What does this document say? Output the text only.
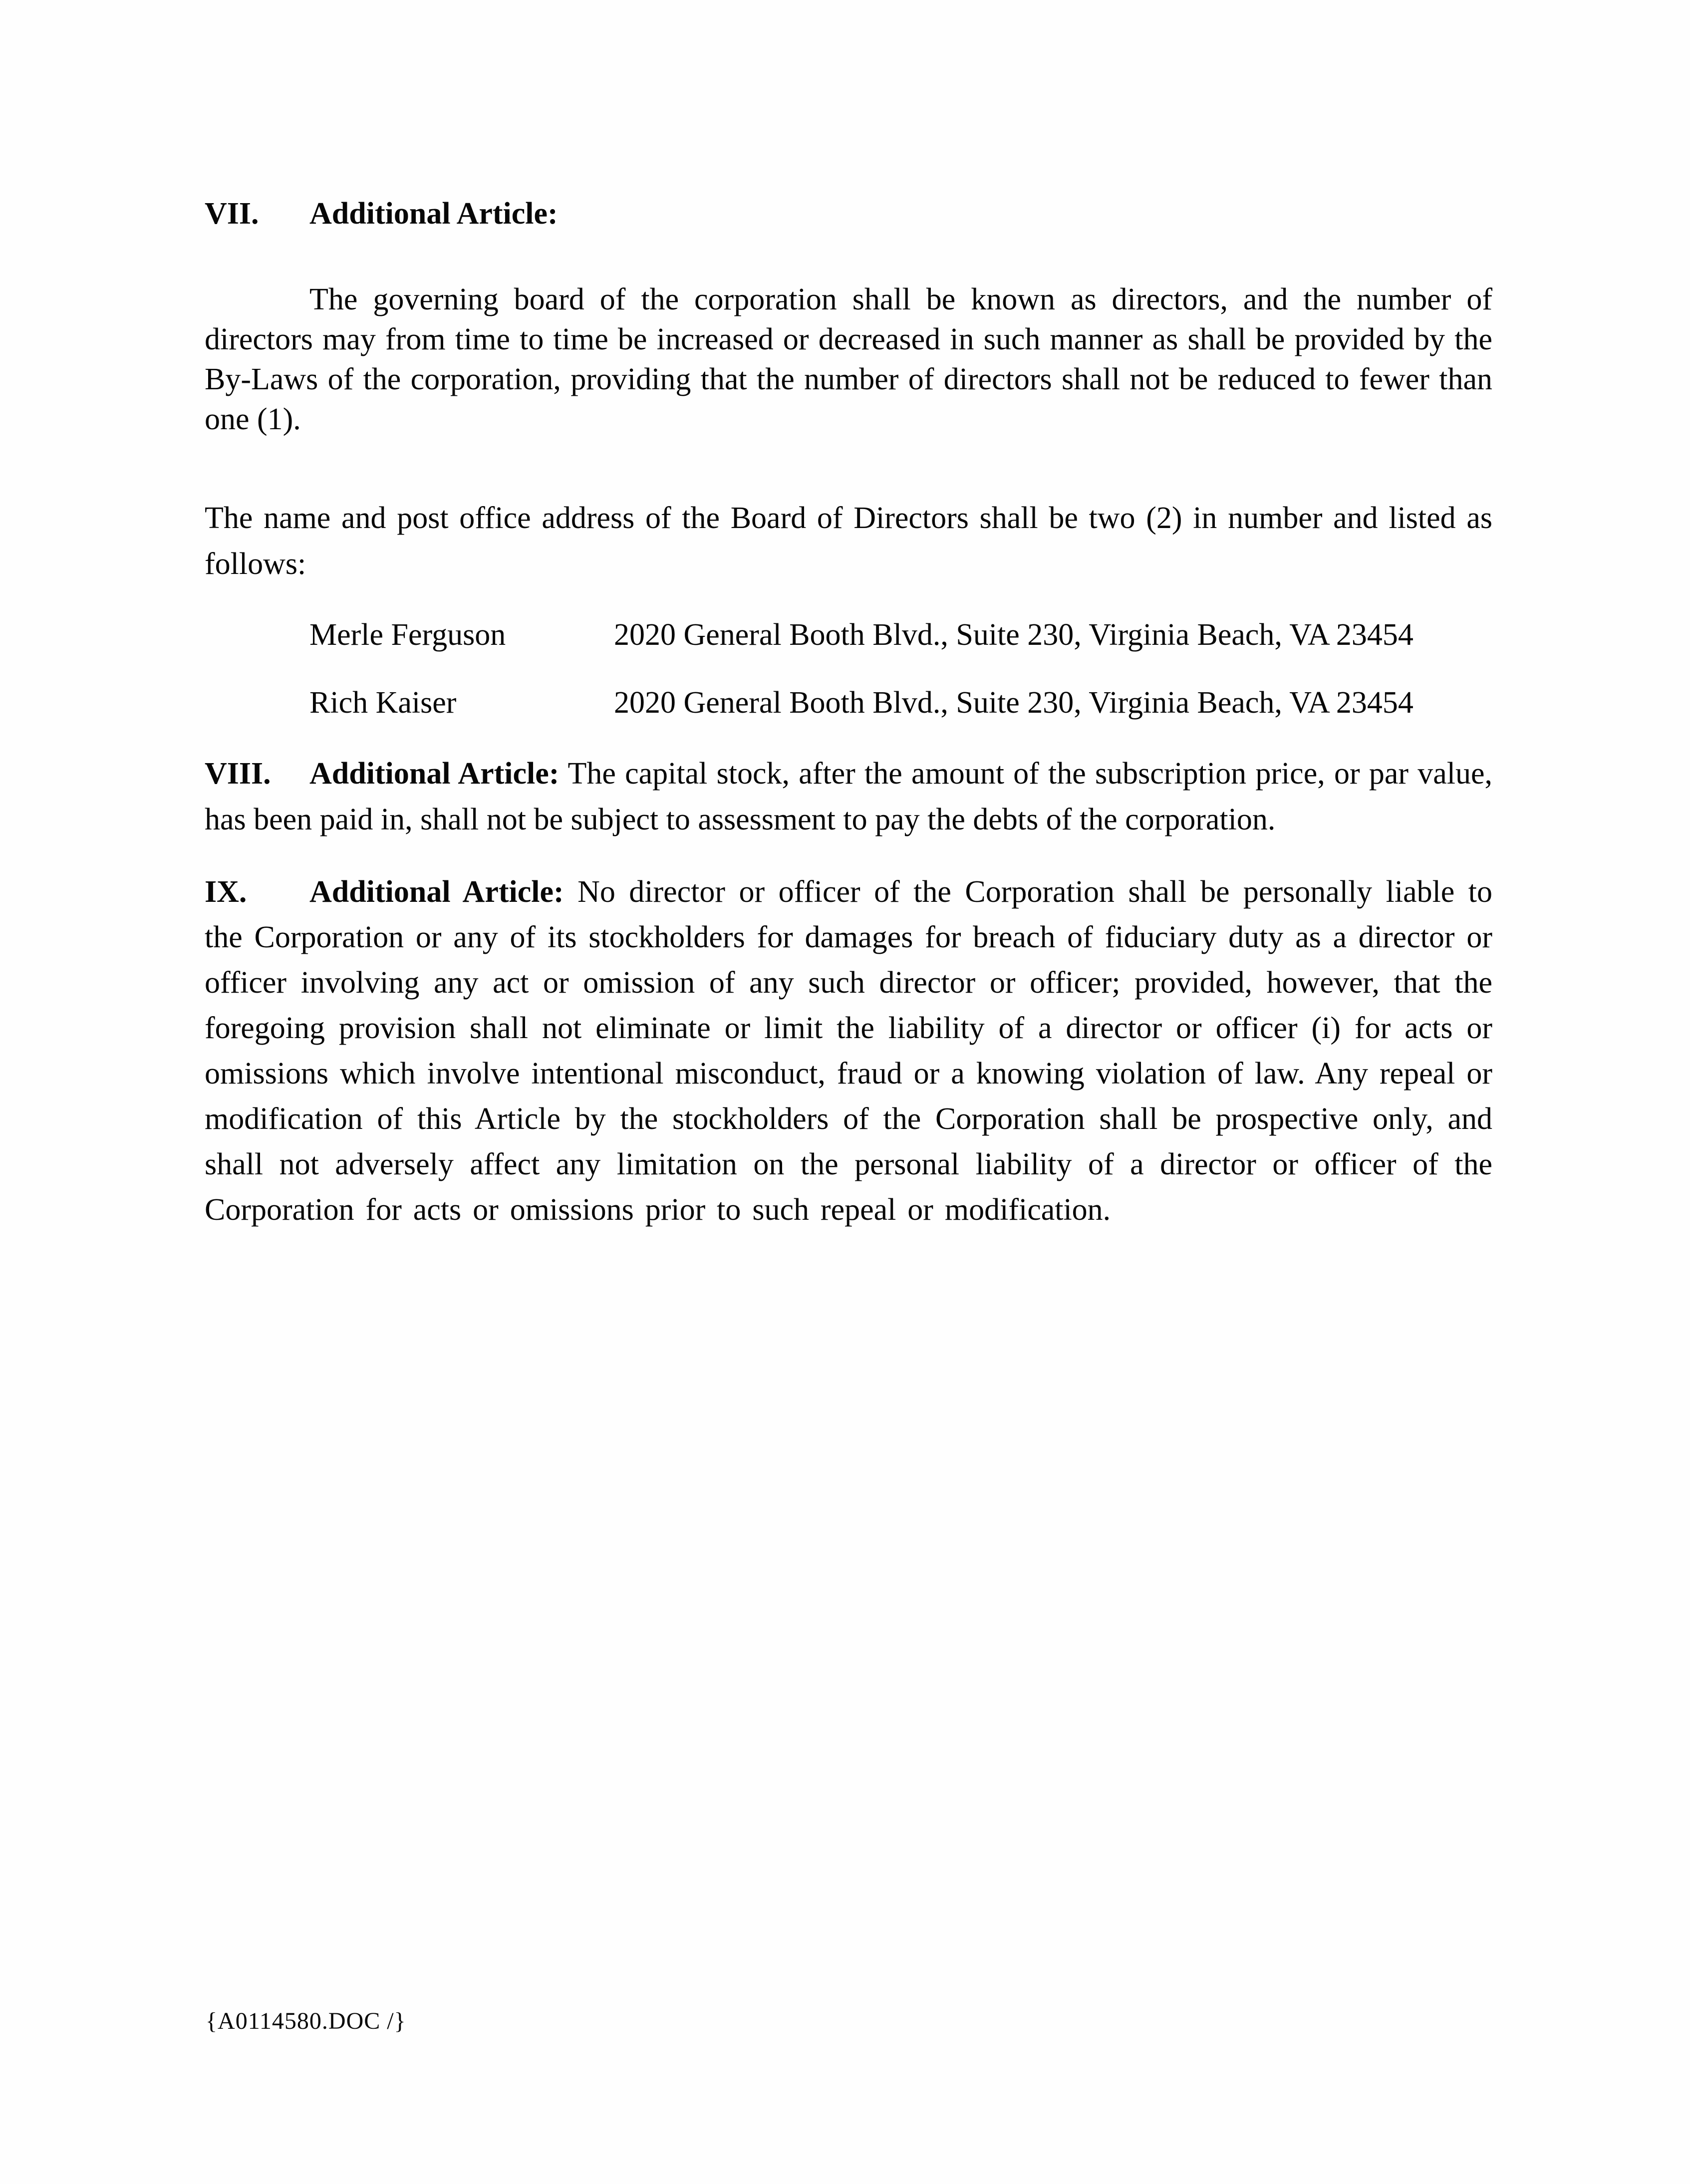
VII. Additional Article:

The governing board of the corporation shall be known as directors, and the number of directors may from time to time be increased or decreased in such manner as shall be provided by the By-Laws of the corporation, providing that the number of directors shall not be reduced to fewer than one (1).

The name and post office address of the Board of Directors shall be two (2) in number and listed as follows:

Merle Ferguson	2020 General Booth Blvd., Suite 230, Virginia Beach, VA 23454
Rich Kaiser	2020 General Booth Blvd., Suite 230, Virginia Beach, VA 23454

VIII. Additional Article: The capital stock, after the amount of the subscription price, or par value, has been paid in, shall not be subject to assessment to pay the debts of the corporation.

IX. Additional Article: No director or officer of the Corporation shall be personally liable to the Corporation or any of its stockholders for damages for breach of fiduciary duty as a director or officer involving any act or omission of any such director or officer; provided, however, that the foregoing provision shall not eliminate or limit the liability of a director or officer (i) for acts or omissions which involve intentional misconduct, fraud or a knowing violation of law. Any repeal or modification of this Article by the stockholders of the Corporation shall be prospective only, and shall not adversely affect any limitation on the personal liability of a director or officer of the Corporation for acts or omissions prior to such repeal or modification.

{A0114580.DOC /}
